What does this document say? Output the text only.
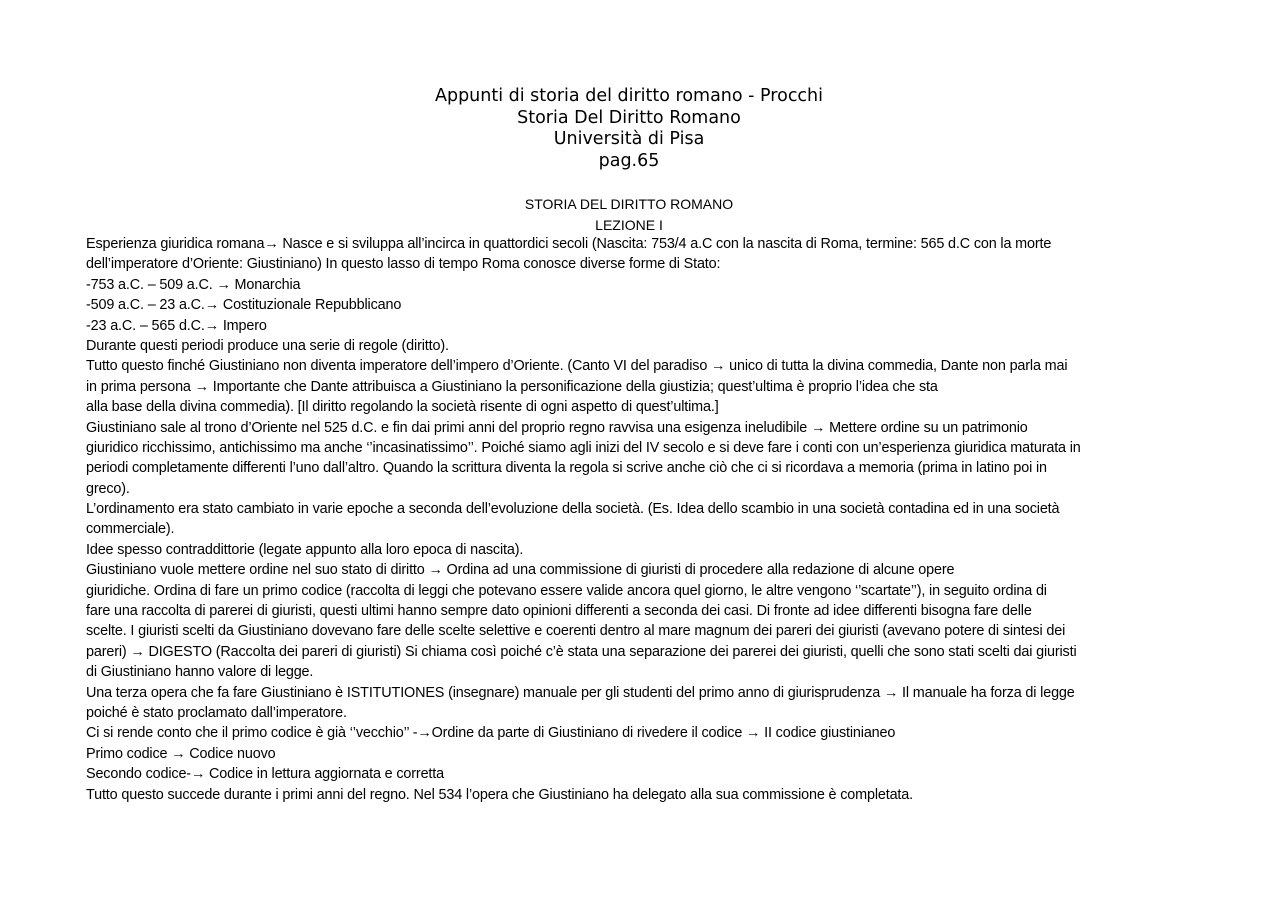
Appunti di storia del diritto romano - Procchi
Storia Del Diritto Romano
Università di Pisa
pag.65
STORIA DEL DIRITTO ROMANO
LEZIONE I
Esperienza giuridica romana→ Nasce e si sviluppa all’incirca in quattordici secoli (Nascita: 753/4 a.C con la nascita di Roma, termine: 565 d.C con la morte
dell’imperatore d’Oriente: Giustiniano) In questo lasso di tempo Roma conosce diverse forme di Stato:
-753 a.C. – 509 a.C. → Monarchia
-509 a.C. – 23 a.C.→ Costituzionale Repubblicano
-23 a.C. – 565 d.C.→ Impero
Durante questi periodi produce una serie di regole (diritto).
Tutto questo finché Giustiniano non diventa imperatore dell’impero d’Oriente. (Canto VI del paradiso → unico di tutta la divina commedia, Dante non parla mai
in prima persona → Importante che Dante attribuisca a Giustiniano la personificazione della giustizia; quest’ultima è proprio l’idea che sta
alla base della divina commedia). [Il diritto regolando la società risente di ogni aspetto di quest’ultima.]
Giustiniano sale al trono d’Oriente nel 525 d.C. e fin dai primi anni del proprio regno ravvisa una esigenza ineludibile → Mettere ordine su un patrimonio
giuridico ricchissimo, antichissimo ma anche ‘’incasinatissimo’’. Poiché siamo agli inizi del IV secolo e si deve fare i conti con un’esperienza giuridica maturata in
periodi completamente differenti l’uno dall’altro. Quando la scrittura diventa la regola si scrive anche ciò che ci si ricordava a memoria (prima in latino poi in
greco).
L’ordinamento era stato cambiato in varie epoche a seconda dell’evoluzione della società. (Es. Idea dello scambio in una società contadina ed in una società
commerciale).
Idee spesso contraddittorie (legate appunto alla loro epoca di nascita).
Giustiniano vuole mettere ordine nel suo stato di diritto → Ordina ad una commissione di giuristi di procedere alla redazione di alcune opere
giuridiche. Ordina di fare un primo codice (raccolta di leggi che potevano essere valide ancora quel giorno, le altre vengono ‘’scartate’’), in seguito ordina di
fare una raccolta di parerei di giuristi, questi ultimi hanno sempre dato opinioni differenti a seconda dei casi. Di fronte ad idee differenti bisogna fare delle
scelte. I giuristi scelti da Giustiniano dovevano fare delle scelte selettive e coerenti dentro al mare magnum dei pareri dei giuristi (avevano potere di sintesi dei
pareri) → DIGESTO (Raccolta dei pareri di giuristi) Si chiama così poiché c’è stata una separazione dei parerei dei giuristi, quelli che sono stati scelti dai giuristi
di Giustiniano hanno valore di legge.
Una terza opera che fa fare Giustiniano è ISTITUTIONES (insegnare) manuale per gli studenti del primo anno di giurisprudenza → Il manuale ha forza di legge
poiché è stato proclamato dall’imperatore.
Ci si rende conto che il primo codice è già ‘’vecchio’’ -→Ordine da parte di Giustiniano di rivedere il codice → II codice giustinianeo
Primo codice → Codice nuovo
Secondo codice-→ Codice in lettura aggiornata e corretta
Tutto questo succede durante i primi anni del regno. Nel 534 l’opera che Giustiniano ha delegato alla sua commissione è completata.
